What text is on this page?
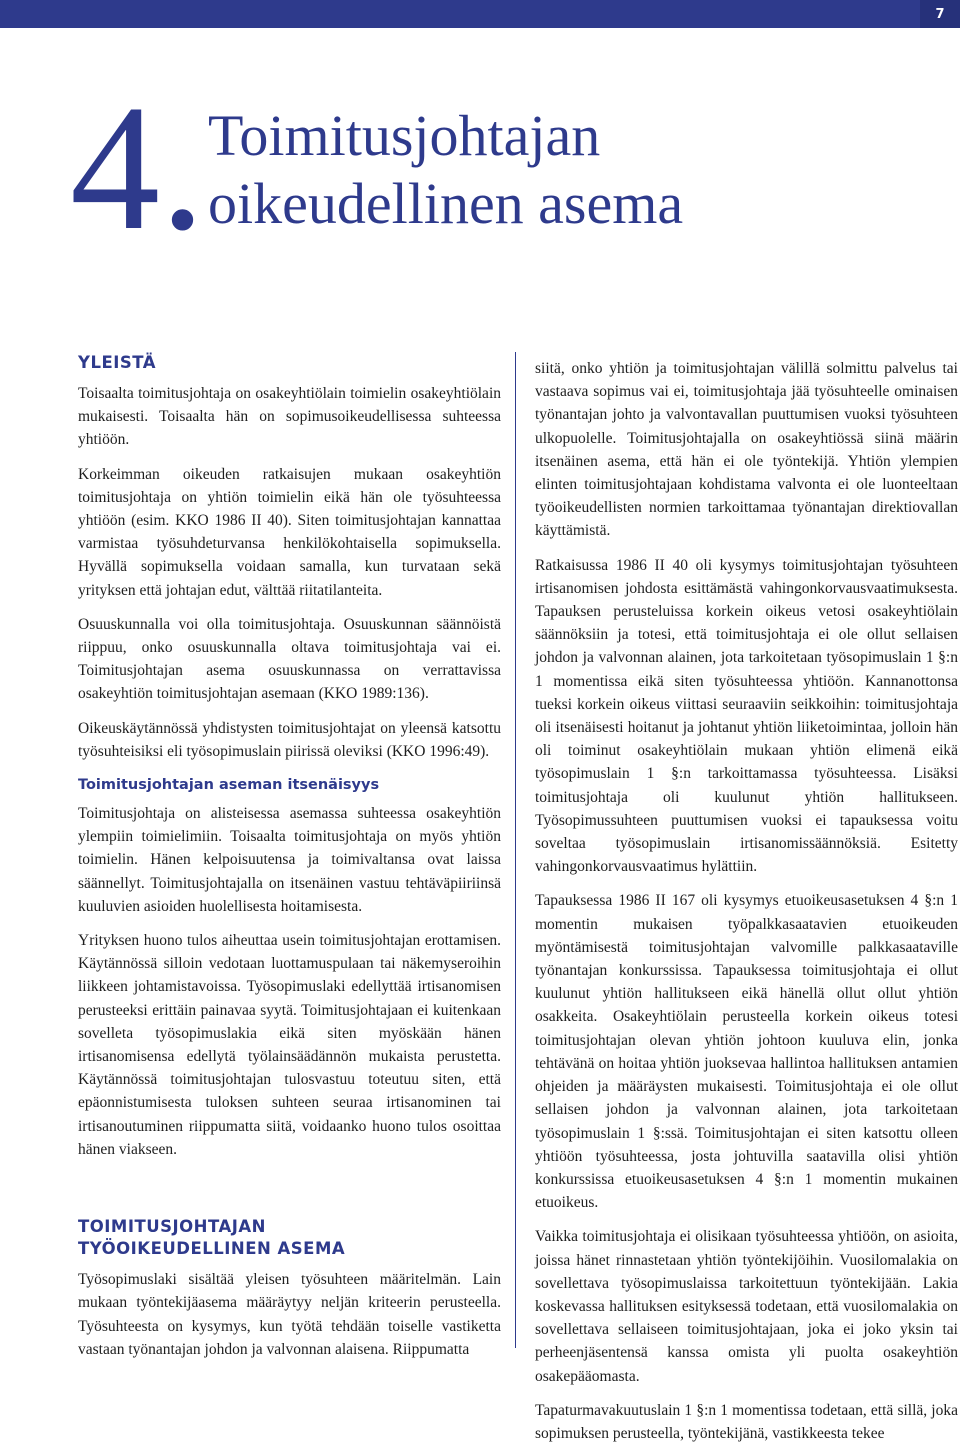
7
4. Toimitusjohtajan
oikeudellinen asema
YLEISTÄ

Toisaalta toimitusjohtaja on osakeyhtiölain toimielin osakeyhtiölain mukaisesti. Toisaalta hän on sopimusoikeudellisessa suhteessa yhtiöön.

Korkeimman oikeuden ratkaisujen mukaan osakeyhtiön toimitusjohtaja on yhtiön toimielin eikä hän ole työsuhteessa yhtiöön (esim. KKO 1986 II 40). Siten toimitusjohtajan kannattaa varmistaa työsuhdeturvansa henkilökohtaisella sopimuksella. Hyvällä sopimuksella voidaan samalla, kun turvataan sekä yrityksen että johtajan edut, välttää riitatilanteita.

Osuuskunnalla voi olla toimitusjohtaja. Osuuskunnan säännöistä riippuu, onko osuuskunnalla oltava toimitusjohtaja vai ei. Toimitusjohtajan asema osuuskunnassa on verrattavissa osakeyhtiön toimitusjohtajan asemaan (KKO 1989:136).

Oikeuskäytännössä yhdistysten toimitusjohtajat on yleensä katsottu työsuhteisiksi eli työsopimuslain piirissä oleviksi (KKO 1996:49).

Toimitusjohtajan aseman itsenäisyys

Toimitusjohtaja on alisteisessa asemassa suhteessa osakeyhtiön ylempiin toimielimiin. Toisaalta toimitusjohtaja on myös yhtiön toimielin. Hänen kelpoisuutensa ja toimivaltansa ovat laissa säännellyt. Toimitusjohtajalla on itsenäinen vastuu tehtäväpiiriinsä kuuluvien asioiden huolellisesta hoitamisesta.

Yrityksen huono tulos aiheuttaa usein toimitusjohtajan erottamisen. Käytännössä silloin vedotaan luottamuspulaan tai näkemyseroihin liikkeen johtamistavoissa. Työsopimuslaki edellyttää irtisanomisen perusteeksi erittäin painavaa syytä. Toimitusjohtajaan ei kuitenkaan sovelleta työsopimuslakia eikä siten myöskään hänen irtisanomisensa edellytä työlainsäädännön mukaista perustetta. Käytännössä toimitusjohtajan tulosvastuu toteutuu siten, että epäonnistumisesta tuloksen suhteen seuraa irtisanominen tai irtisanoutuminen riippumatta siitä, voidaanko huono tulos osoittaa hänen viakseen.

TOIMITUSJOHTAJAN
TYÖOIKEUDELLINEN ASEMA

Työsopimuslaki sisältää yleisen työsuhteen määritelmän. Lain mukaan työntekijäasema määräytyy neljän kriteerin perusteella. Työsuhteesta on kysymys, kun työtä tehdään toiselle vastiketta vastaan työnantajan johdon ja valvonnan alaisena. Riippumatta

siitä, onko yhtiön ja toimitusjohtajan välillä solmittu palvelus tai vastaava sopimus vai ei, toimitusjohtaja jää työsuhteelle ominaisen työnantajan johto ja valvontavallan puuttumisen vuoksi työsuhteen ulkopuolelle. Toimitusjohtajalla on osakeyhtiössä siinä määrin itsenäinen asema, että hän ei ole työntekijä. Yhtiön ylempien elinten toimitusjohtajaan kohdistama valvonta ei ole luonteeltaan työoikeudellisten normien tarkoittamaa työnantajan direktiovallan käyttämistä.

Ratkaisussa 1986 II 40 oli kysymys toimitusjohtajan työsuhteen irtisanomisen johdosta esittämästä vahingonkorvausvaatimuksesta. Tapauksen perusteluissa korkein oikeus vetosi osakeyhtiölain säännöksiin ja totesi, että toimitusjohtaja ei ole ollut sellaisen johdon ja valvonnan alainen, jota tarkoitetaan työsopimuslain 1 §:n 1 momentissa eikä siten työsuhteessa yhtiöön. Kannanottonsa tueksi korkein oikeus viittasi seuraaviin seikkoihin: toimitusjohtaja oli itsenäisesti hoitanut ja johtanut yhtiön liiketoimintaa, jolloin hän oli toiminut osakeyhtiölain mukaan yhtiön elimenä eikä työsopimuslain 1 §:n tarkoittamassa työsuhteessa. Lisäksi toimitusjohtaja oli kuulunut yhtiön hallitukseen. Työsopimussuhteen puuttumisen vuoksi ei tapauksessa voitu soveltaa työsopimuslain irtisanomissäännöksiä. Esitetty vahingonkorvausvaatimus hylättiin.

Tapauksessa 1986 II 167 oli kysymys etuoikeusasetuksen 4 §:n 1 momentin mukaisen työpalkkasaatavien etuoikeuden myöntämisestä toimitusjohtajan valvomille palkkasaataville työnantajan konkurssissa. Tapauksessa toimitusjohtaja ei ollut kuulunut yhtiön hallitukseen eikä hänellä ollut ollut yhtiön osakkeita. Osakeyhtiölain perusteella korkein oikeus totesi toimitusjohtajan olevan yhtiön johtoon kuuluva elin, jonka tehtävänä on hoitaa yhtiön juoksevaa hallintoa hallituksen antamien ohjeiden ja määräysten mukaisesti. Toimitusjohtaja ei ole ollut sellaisen johdon ja valvonnan alainen, jota tarkoitetaan työsopimuslain 1 §:ssä. Toimitusjohtajan ei siten katsottu olleen yhtiöön työsuhteessa, josta johtuvilla saatavilla olisi yhtiön konkurssissa etuoikeusasetuksen 4 §:n 1 momentin mukainen etuoikeus.

Vaikka toimitusjohtaja ei olisikaan työsuhteessa yhtiöön, on asioita, joissa hänet rinnastetaan yhtiön työntekijöihin. Vuosilomalakia on sovellettava työsopimuslaissa tarkoitettuun työntekijään. Lakia koskevassa hallituksen esityksessä todetaan, että vuosilomalakia on sovellettava sellaiseen toimitusjohtajaan, joka ei joko yksin tai perheenjäsentensä kanssa omista yli puolta osakeyhtiön osakepääomasta.

Tapaturmavakuutuslain 1 §:n 1 momentissa todetaan, että sillä, joka sopimuksen perusteella, työntekijänä, vastikkeesta tekee
